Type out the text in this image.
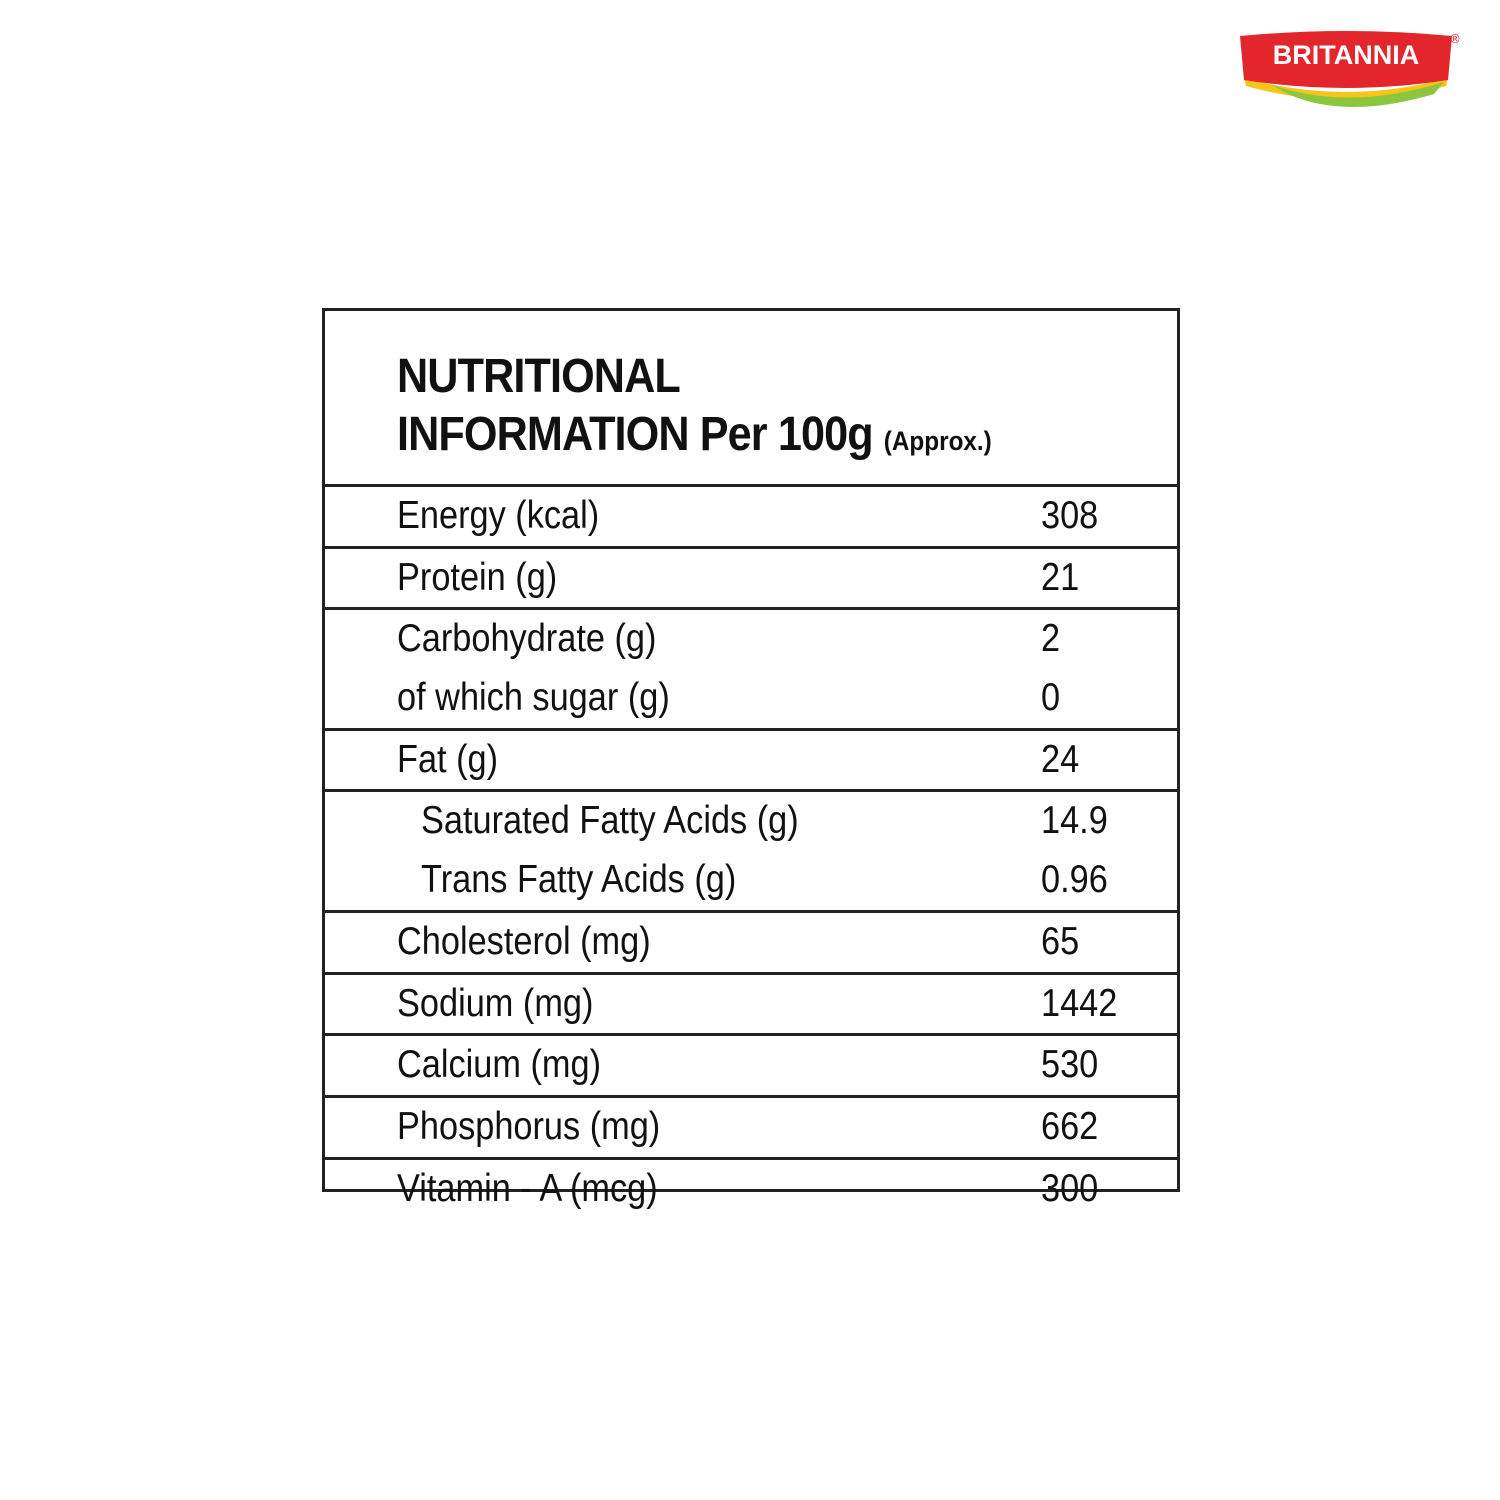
BRITANNIA
®
NUTRITIONAL
INFORMATION Per 100g (Approx.)
Energy (kcal)	308
Protein (g)	21
Carbohydrate (g)	2
of which sugar (g)	0
Fat (g)	24
Saturated Fatty Acids (g)	14.9
Trans Fatty Acids (g)	0.96
Cholesterol (mg)	65
Sodium (mg)	1442
Calcium (mg)	530
Phosphorus (mg)	662
Vitamin - A (mcg)	300
